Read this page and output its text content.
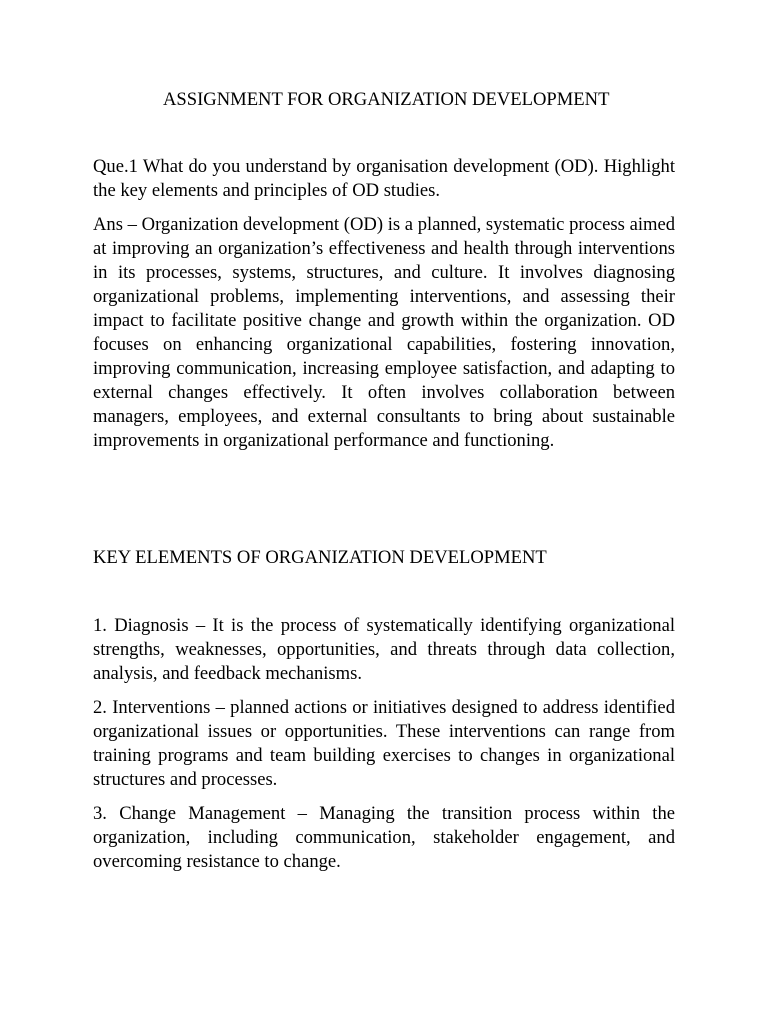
ASSIGNMENT FOR ORGANIZATION DEVELOPMENT

Que.1 What do you understand by organisation development (OD). Highlight the key elements and principles of OD studies.

Ans – Organization development (OD) is a planned, systematic process aimed at improving an organization’s effectiveness and health through interventions in its processes, systems, structures, and culture. It involves diagnosing organizational problems, implementing interventions, and assessing their impact to facilitate positive change and growth within the organization. OD focuses on enhancing organizational capabilities, fostering innovation, improving communication, increasing employee satisfaction, and adapting to external changes effectively. It often involves collaboration between managers, employees, and external consultants to bring about sustainable improvements in organizational performance and functioning.

KEY ELEMENTS OF ORGANIZATION DEVELOPMENT

1. Diagnosis – It is the process of systematically identifying organizational strengths, weaknesses, opportunities, and threats through data collection, analysis, and feedback mechanisms.

2. Interventions – planned actions or initiatives designed to address identified organizational issues or opportunities. These interventions can range from training programs and team building exercises to changes in organizational structures and processes.

3. Change Management – Managing the transition process within the organization, including communication, stakeholder engagement, and overcoming resistance to change.
